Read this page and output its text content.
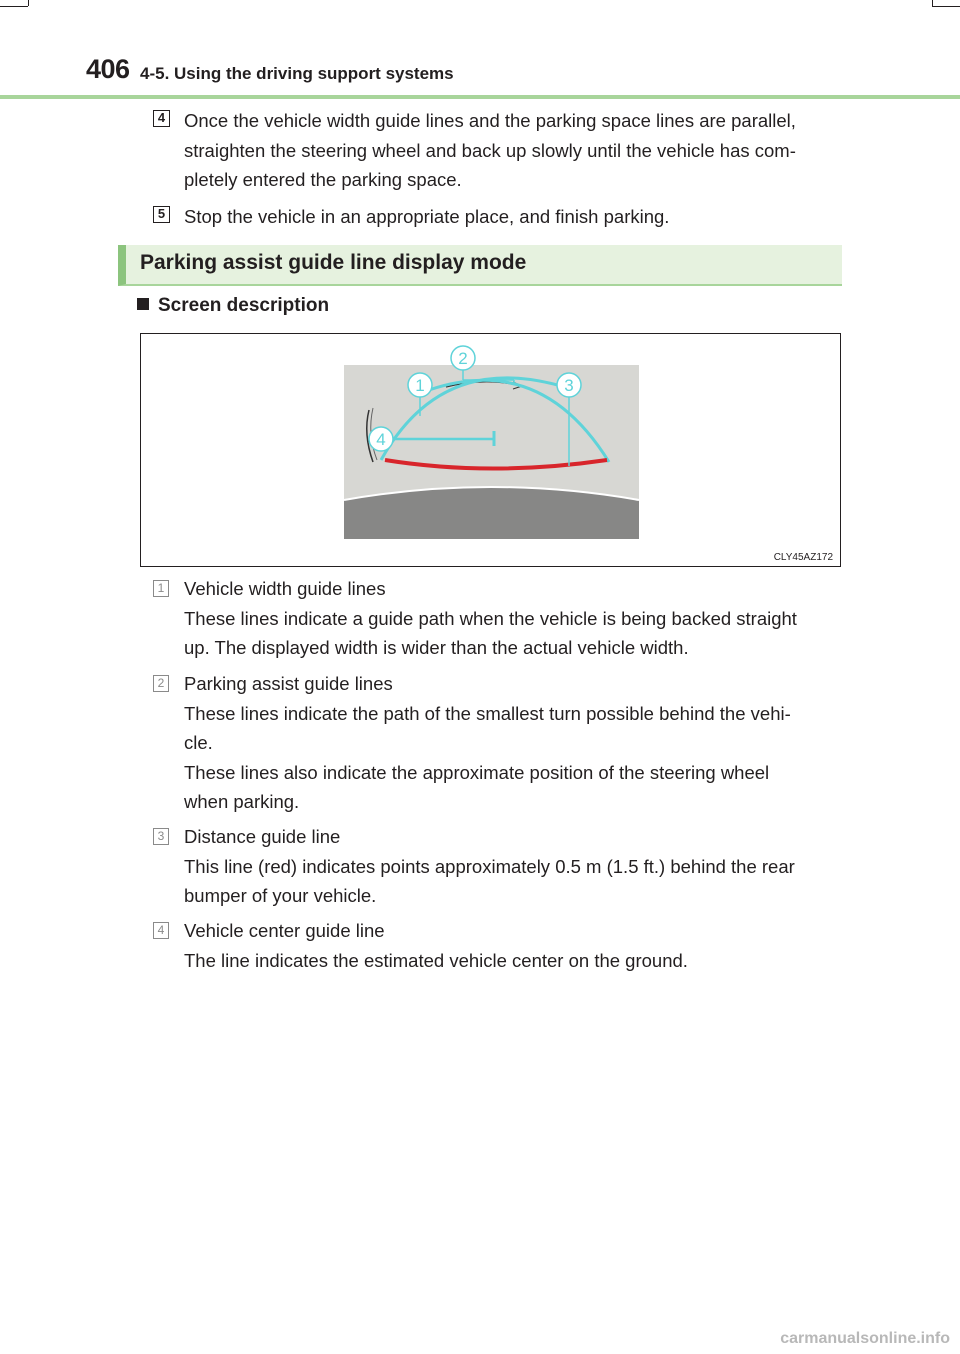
406 4-5. Using the driving support systems
4 Once the vehicle width guide lines and the parking space lines are parallel,

straighten the steering wheel and back up slowly until the vehicle has com-

pletely entered the parking space.

5 Stop the vehicle in an appropriate place, and finish parking.

Parking assist guide line display mode
Screen description
1
2
3
4
CLY45AZ172
1 Vehicle width guide lines

These lines indicate a guide path when the vehicle is being backed straight

up. The displayed width is wider than the actual vehicle width.

2 Parking assist guide lines

These lines indicate the path of the smallest turn possible behind the vehi-

cle.

These lines also indicate the approximate position of the steering wheel

when parking.

3 Distance guide line

This line (red) indicates points approximately 0.5 m (1.5 ft.) behind the rear

bumper of your vehicle.

4 Vehicle center guide line

The line indicates the estimated vehicle center on the ground.

carmanualsonline.info
